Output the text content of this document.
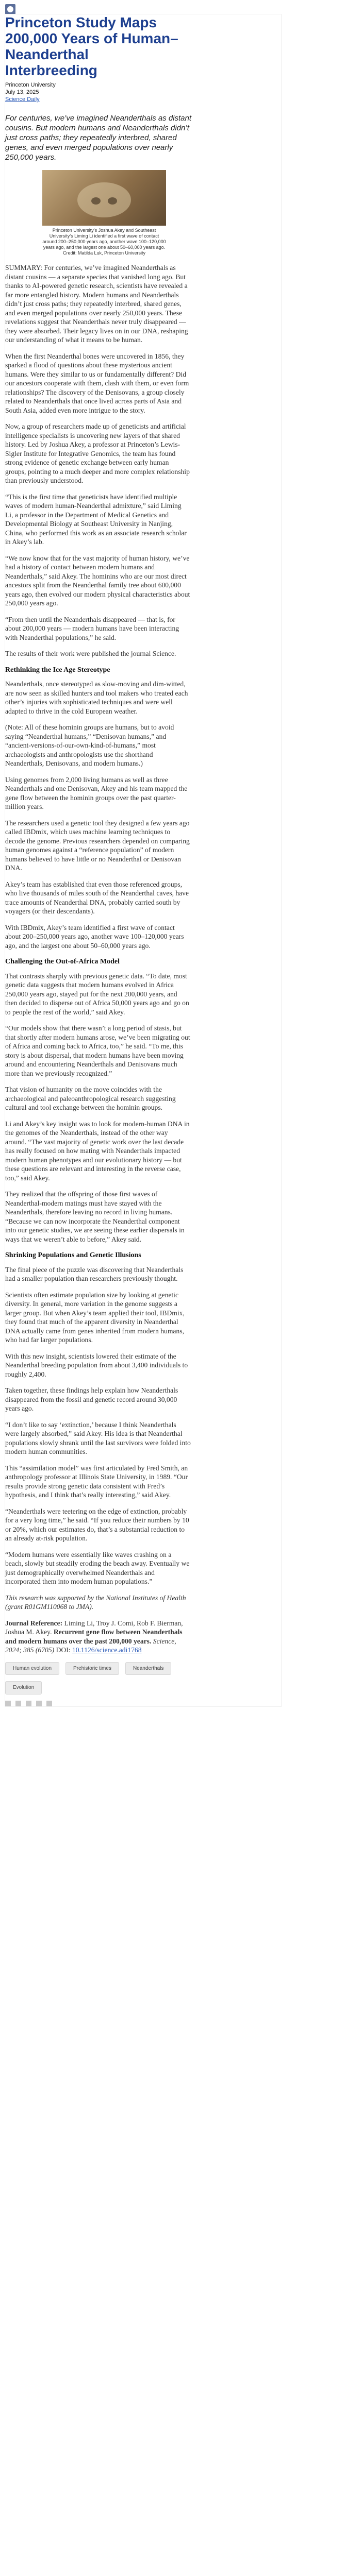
Princeton Study Maps 200,000 Years of Human–Neanderthal Interbreeding
Princeton University
July 13, 2025
Science Daily

For centuries, we’ve imagined Neanderthals as distant cousins. But modern humans and Neanderthals didn’t just cross paths; they repeatedly interbred, shared genes, and even merged populations over nearly 250,000 years.

Princeton University’s Joshua Akey and Southeast University’s Liming Li identified a first wave of contact around 200–250,000 years ago, another wave 100–120,000 years ago, and the largest one about 50–60,000 years ago. Credit: Matilda Luk, Princeton University

SUMMARY: For centuries, we’ve imagined Neanderthals as distant cousins — a separate species that vanished long ago. But thanks to AI-powered genetic research, scientists have revealed a far more entangled history. Modern humans and Neanderthals didn’t just cross paths; they repeatedly interbred, shared genes, and even merged populations over nearly 250,000 years. These revelations suggest that Neanderthals never truly disappeared — they were absorbed. Their legacy lives on in our DNA, reshaping our understanding of what it means to be human.

When the first Neanderthal bones were uncovered in 1856, they sparked a flood of questions about these mysterious ancient humans. Were they similar to us or fundamentally different? Did our ancestors cooperate with them, clash with them, or even form relationships? The discovery of the Denisovans, a group closely related to Neanderthals that once lived across parts of Asia and South Asia, added even more intrigue to the story.

Now, a group of researchers made up of geneticists and artificial intelligence specialists is uncovering new layers of that shared history. Led by Joshua Akey, a professor at Princeton’s Lewis-Sigler Institute for Integrative Genomics, the team has found strong evidence of genetic exchange between early human groups, pointing to a much deeper and more complex relationship than previously understood.

“This is the first time that geneticists have identified multiple waves of modern human-Neanderthal admixture,” said Liming Li, a professor in the Department of Medical Genetics and Developmental Biology at Southeast University in Nanjing, China, who performed this work as an associate research scholar in Akey’s lab.

“We now know that for the vast majority of human history, we’ve had a history of contact between modern humans and Neanderthals,” said Akey. The hominins who are our most direct ancestors split from the Neanderthal family tree about 600,000 years ago, then evolved our modern physical characteristics about 250,000 years ago.

“From then until the Neanderthals disappeared — that is, for about 200,000 years — modern humans have been interacting with Neanderthal populations,” he said.

The results of their work were published the journal Science.

Rethinking the Ice Age Stereotype

Neanderthals, once stereotyped as slow-moving and dim-witted, are now seen as skilled hunters and tool makers who treated each other’s injuries with sophisticated techniques and were well adapted to thrive in the cold European weather.

(Note: All of these hominin groups are humans, but to avoid saying “Neanderthal humans,” “Denisovan humans,” and “ancient-versions-of-our-own-kind-of-humans,” most archaeologists and anthropologists use the shorthand Neanderthals, Denisovans, and modern humans.)

Using genomes from 2,000 living humans as well as three Neanderthals and one Denisovan, Akey and his team mapped the gene flow between the hominin groups over the past quarter-million years.

The researchers used a genetic tool they designed a few years ago called IBDmix, which uses machine learning techniques to decode the genome. Previous researchers depended on comparing human genomes against a “reference population” of modern humans believed to have little or no Neanderthal or Denisovan DNA.

Akey’s team has established that even those referenced groups, who live thousands of miles south of the Neanderthal caves, have trace amounts of Neanderthal DNA, probably carried south by voyagers (or their descendants).

With IBDmix, Akey’s team identified a first wave of contact about 200–250,000 years ago, another wave 100–120,000 years ago, and the largest one about 50–60,000 years ago.

Challenging the Out-of-Africa Model

That contrasts sharply with previous genetic data. “To date, most genetic data suggests that modern humans evolved in Africa 250,000 years ago, stayed put for the next 200,000 years, and then decided to disperse out of Africa 50,000 years ago and go on to people the rest of the world,” said Akey.

“Our models show that there wasn’t a long period of stasis, but that shortly after modern humans arose, we’ve been migrating out of Africa and coming back to Africa, too,” he said. “To me, this story is about dispersal, that modern humans have been moving around and encountering Neanderthals and Denisovans much more than we previously recognized.”

That vision of humanity on the move coincides with the archaeological and paleoanthropological research suggesting cultural and tool exchange between the hominin groups.

Li and Akey’s key insight was to look for modern-human DNA in the genomes of the Neanderthals, instead of the other way around. “The vast majority of genetic work over the last decade has really focused on how mating with Neanderthals impacted modern human phenotypes and our evolutionary history — but these questions are relevant and interesting in the reverse case, too,” said Akey.

They realized that the offspring of those first waves of Neanderthal-modern matings must have stayed with the Neanderthals, therefore leaving no record in living humans. “Because we can now incorporate the Neanderthal component into our genetic studies, we are seeing these earlier dispersals in ways that we weren’t able to before,” Akey said.

Shrinking Populations and Genetic Illusions

The final piece of the puzzle was discovering that Neanderthals had a smaller population than researchers previously thought.

Scientists often estimate population size by looking at genetic diversity. In general, more variation in the genome suggests a larger group. But when Akey’s team applied their tool, IBDmix, they found that much of the apparent diversity in Neanderthal DNA actually came from genes inherited from modern humans, who had far larger populations.

With this new insight, scientists lowered their estimate of the Neanderthal breeding population from about 3,400 individuals to roughly 2,400.

Taken together, these findings help explain how Neanderthals disappeared from the fossil and genetic record around 30,000 years ago.

“I don’t like to say ‘extinction,’ because I think Neanderthals were largely absorbed,” said Akey. His idea is that Neanderthal populations slowly shrank until the last survivors were folded into modern human communities.

This “assimilation model” was first articulated by Fred Smith, an anthropology professor at Illinois State University, in 1989. “Our results provide strong genetic data consistent with Fred’s hypothesis, and I think that’s really interesting,” said Akey.

“Neanderthals were teetering on the edge of extinction, probably for a very long time,” he said. “If you reduce their numbers by 10 or 20%, which our estimates do, that’s a substantial reduction to an already at-risk population.

“Modern humans were essentially like waves crashing on a beach, slowly but steadily eroding the beach away. Eventually we just demographically overwhelmed Neanderthals and incorporated them into modern human populations.”

This research was supported by the National Institutes of Health (grant R01GM110068 to JMA).

Journal Reference: Liming Li, Troy J. Comi, Rob F. Bierman, Joshua M. Akey. Recurrent gene flow between Neanderthals and modern humans over the past 200,000 years. Science, 2024; 385 (6705) DOI: 10.1126/science.adi1768

Human evolution	Prehistoric times	Neanderthals
Evolution
